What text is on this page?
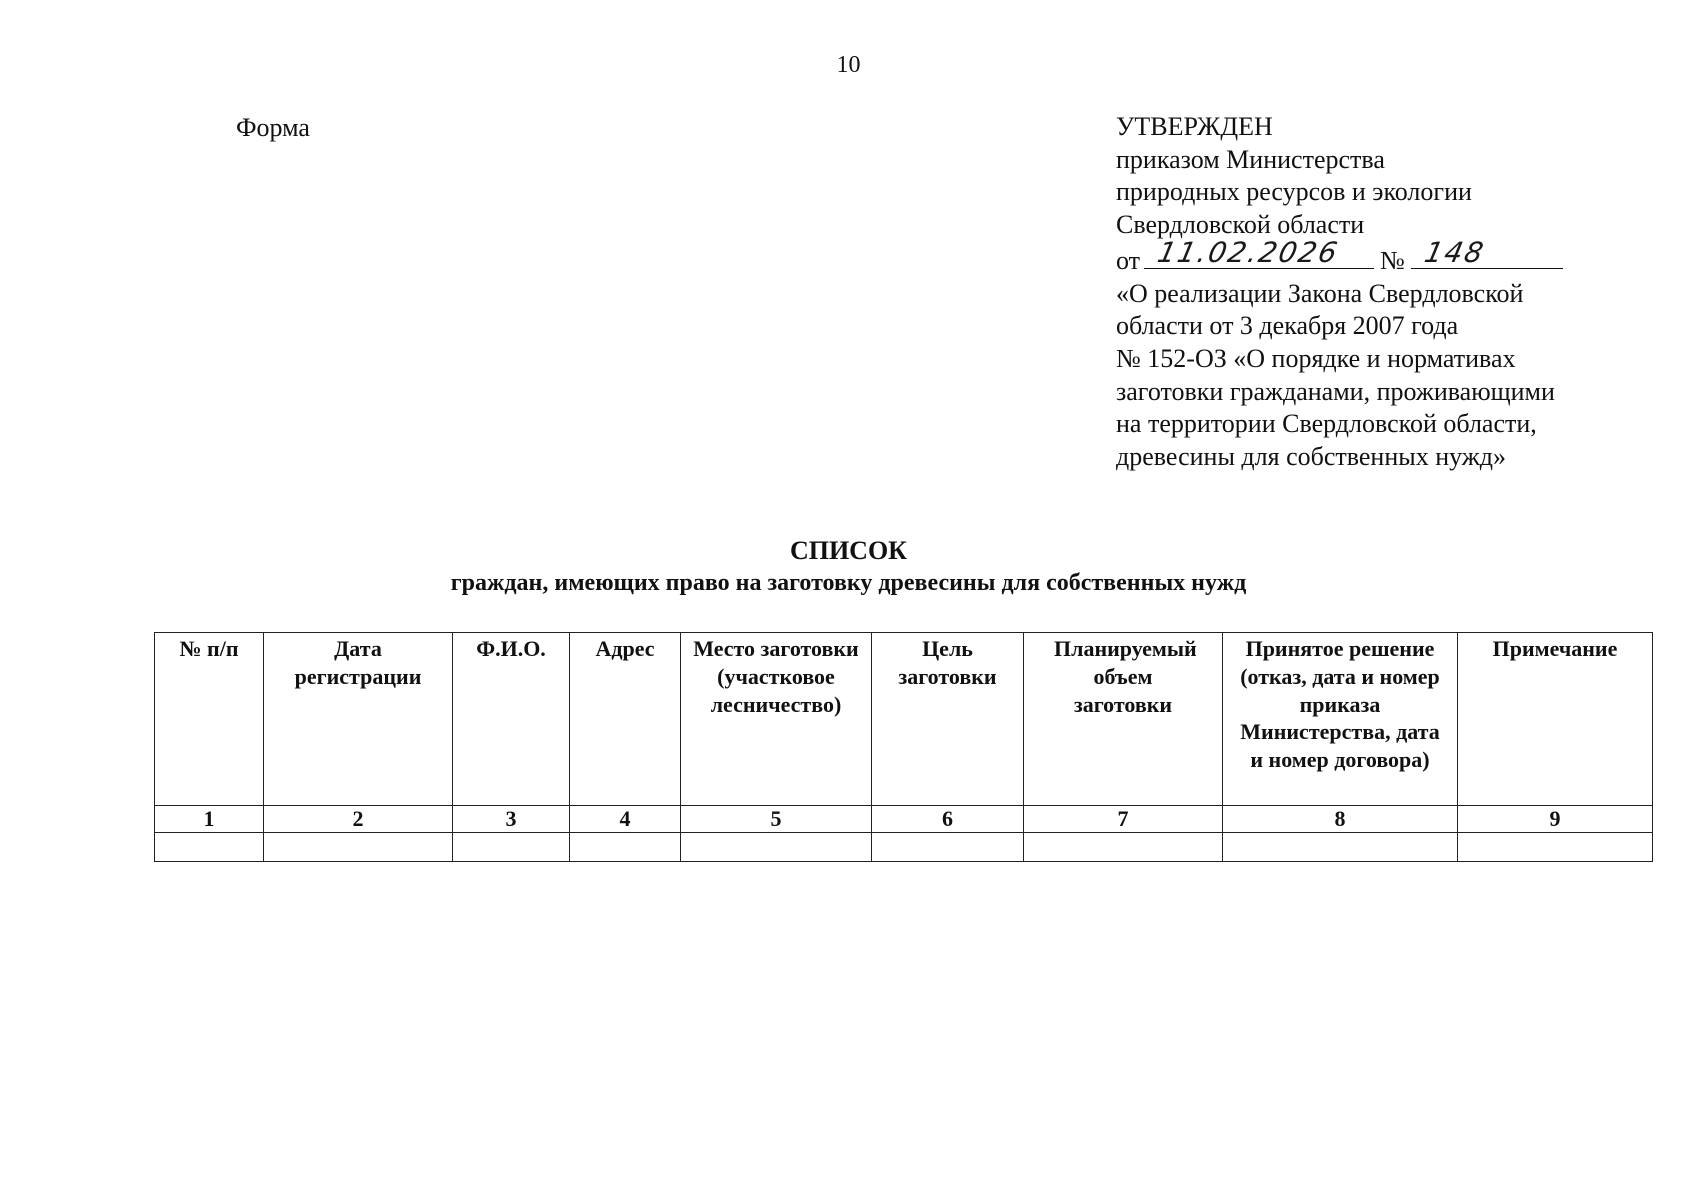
10
Форма	УТВЕРЖДЕН
приказом Министерства
природных ресурсов и экологии
Свердловской области
от 11.02.2026 № 148
«О реализации Закона Свердловской
области от 3 декабря 2007 года
№ 152-ОЗ «О порядке и нормативах
заготовки гражданами, проживающими
на территории Свердловской области,
древесины для собственных нужд»
СПИСОК
граждан, имеющих право на заготовку древесины для собственных нужд
№ п/п	Дата регистрации	Ф.И.О.	Адрес	Место заготовки (участковое лесничество)	Цель заготовки	Планируемый объем заготовки	Принятое решение (отказ, дата и номер приказа Министерства, дата и номер договора)	Примечание
1	2	3	4	5	6	7	8	9
